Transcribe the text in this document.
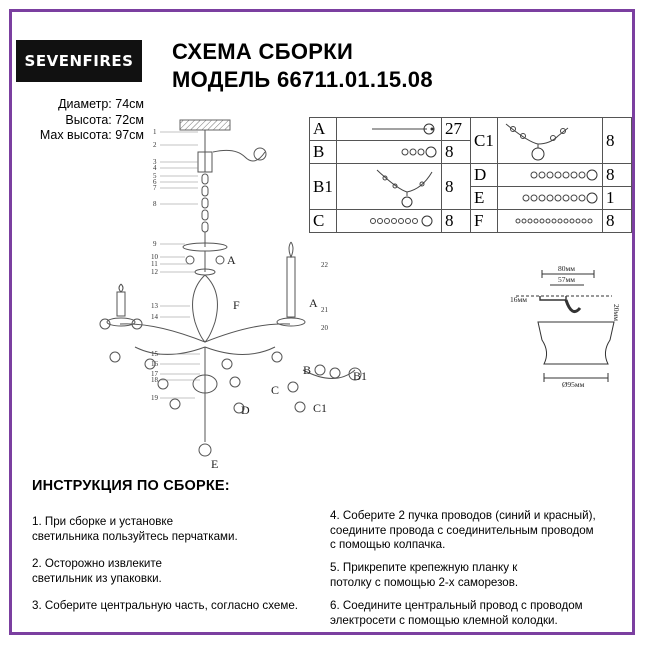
SEVENFIRES	СХЕМА СБОРКИ
МОДЕЛЬ 66711.01.15.08
Диаметр: 74см
Высота: 72см
Мах высота: 97см	A		27	C1		8
B		8			
B1		8	D		8
			E		1
C		8	F		8
1
2
3
4
5
6
7
8
9
10
11
12
13
14
15
16
17
18
19
20
21
22
A
F	A
B	B1
C
C1
D
E
80мм
57мм
16мм
20мм
Ø95мм
ИНСТРУКЦИЯ ПО СБОРКЕ:
1. При сборке и установке
светильника пользуйтесь перчатками.
2. Осторожно извлеките
светильник из упаковки.
3. Соберите центральную часть, согласно схеме.
4. Соберите 2 пучка проводов (синий и красный),
соедините провода с соединительным проводом
с помощью колпачка.
5. Прикрепите крепежную планку к
потолку с помощью 2-х саморезов.
6. Соедините центральный провод с проводом
электросети с помощью клемной колодки.
